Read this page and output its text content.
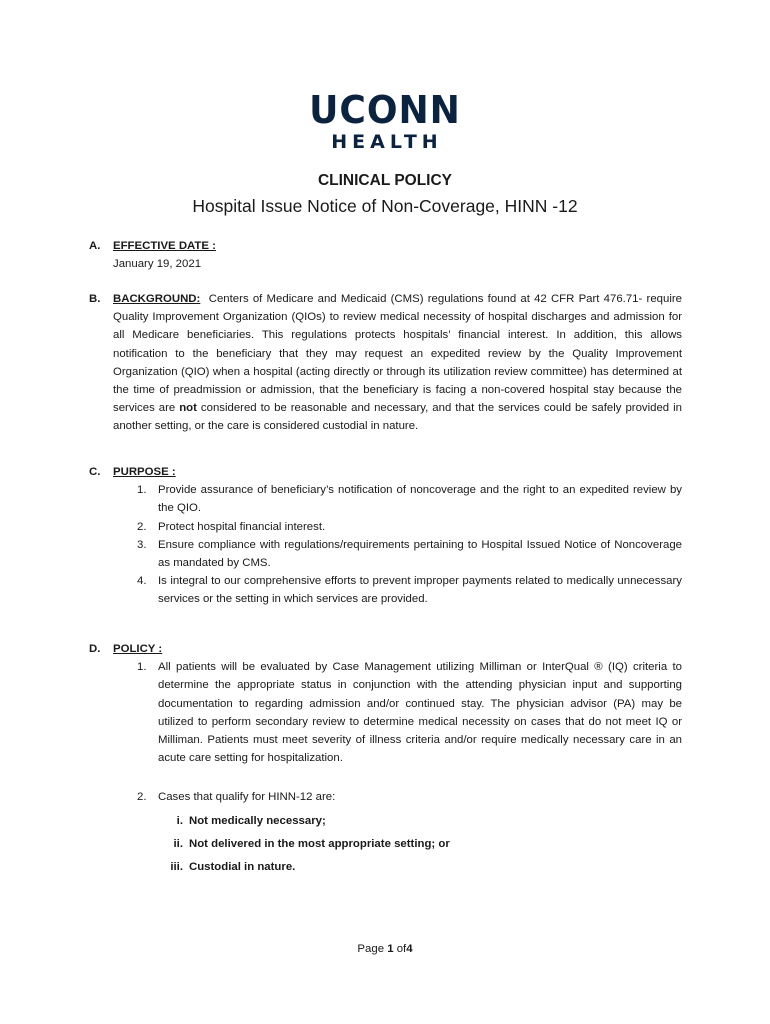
UCONN
HEALTH
CLINICAL POLICY
Hospital Issue Notice of Non-Coverage, HINN -12
A. EFFECTIVE DATE :
January 19, 2021
B. BACKGROUND: Centers of Medicare and Medicaid (CMS) regulations found at 42 CFR Part 476.71- require Quality Improvement Organization (QIOs) to review medical necessity of hospital discharges and admission for all Medicare beneficiaries. This regulations protects hospitals’ financial interest. In addition, this allows notification to the beneficiary that they may request an expedited review by the Quality Improvement Organization (QIO) when a hospital (acting directly or through its utilization review committee) has determined at the time of preadmission or admission, that the beneficiary is facing a non-covered hospital stay because the services are not considered to be reasonable and necessary, and that the services could be safely provided in another setting, or the care is considered custodial in nature.
C. PURPOSE :
1. Provide assurance of beneficiary’s notification of noncoverage and the right to an expedited review by the QIO.
2. Protect hospital financial interest.
3. Ensure compliance with regulations/requirements pertaining to Hospital Issued Notice of Noncoverage as mandated by CMS.
4. Is integral to our comprehensive efforts to prevent improper payments related to medically unnecessary services or the setting in which services are provided.
D. POLICY :
1. All patients will be evaluated by Case Management utilizing Milliman or InterQual ® (IQ) criteria to determine the appropriate status in conjunction with the attending physician input and supporting documentation to regarding admission and/or continued stay. The physician advisor (PA) may be utilized to perform secondary review to determine medical necessity on cases that do not meet IQ or Milliman. Patients must meet severity of illness criteria and/or require medically necessary care in an acute care setting for hospitalization.
2. Cases that qualify for HINN-12 are:
i. Not medically necessary;
ii. Not delivered in the most appropriate setting; or
iii. Custodial in nature.
Page 1 of4
